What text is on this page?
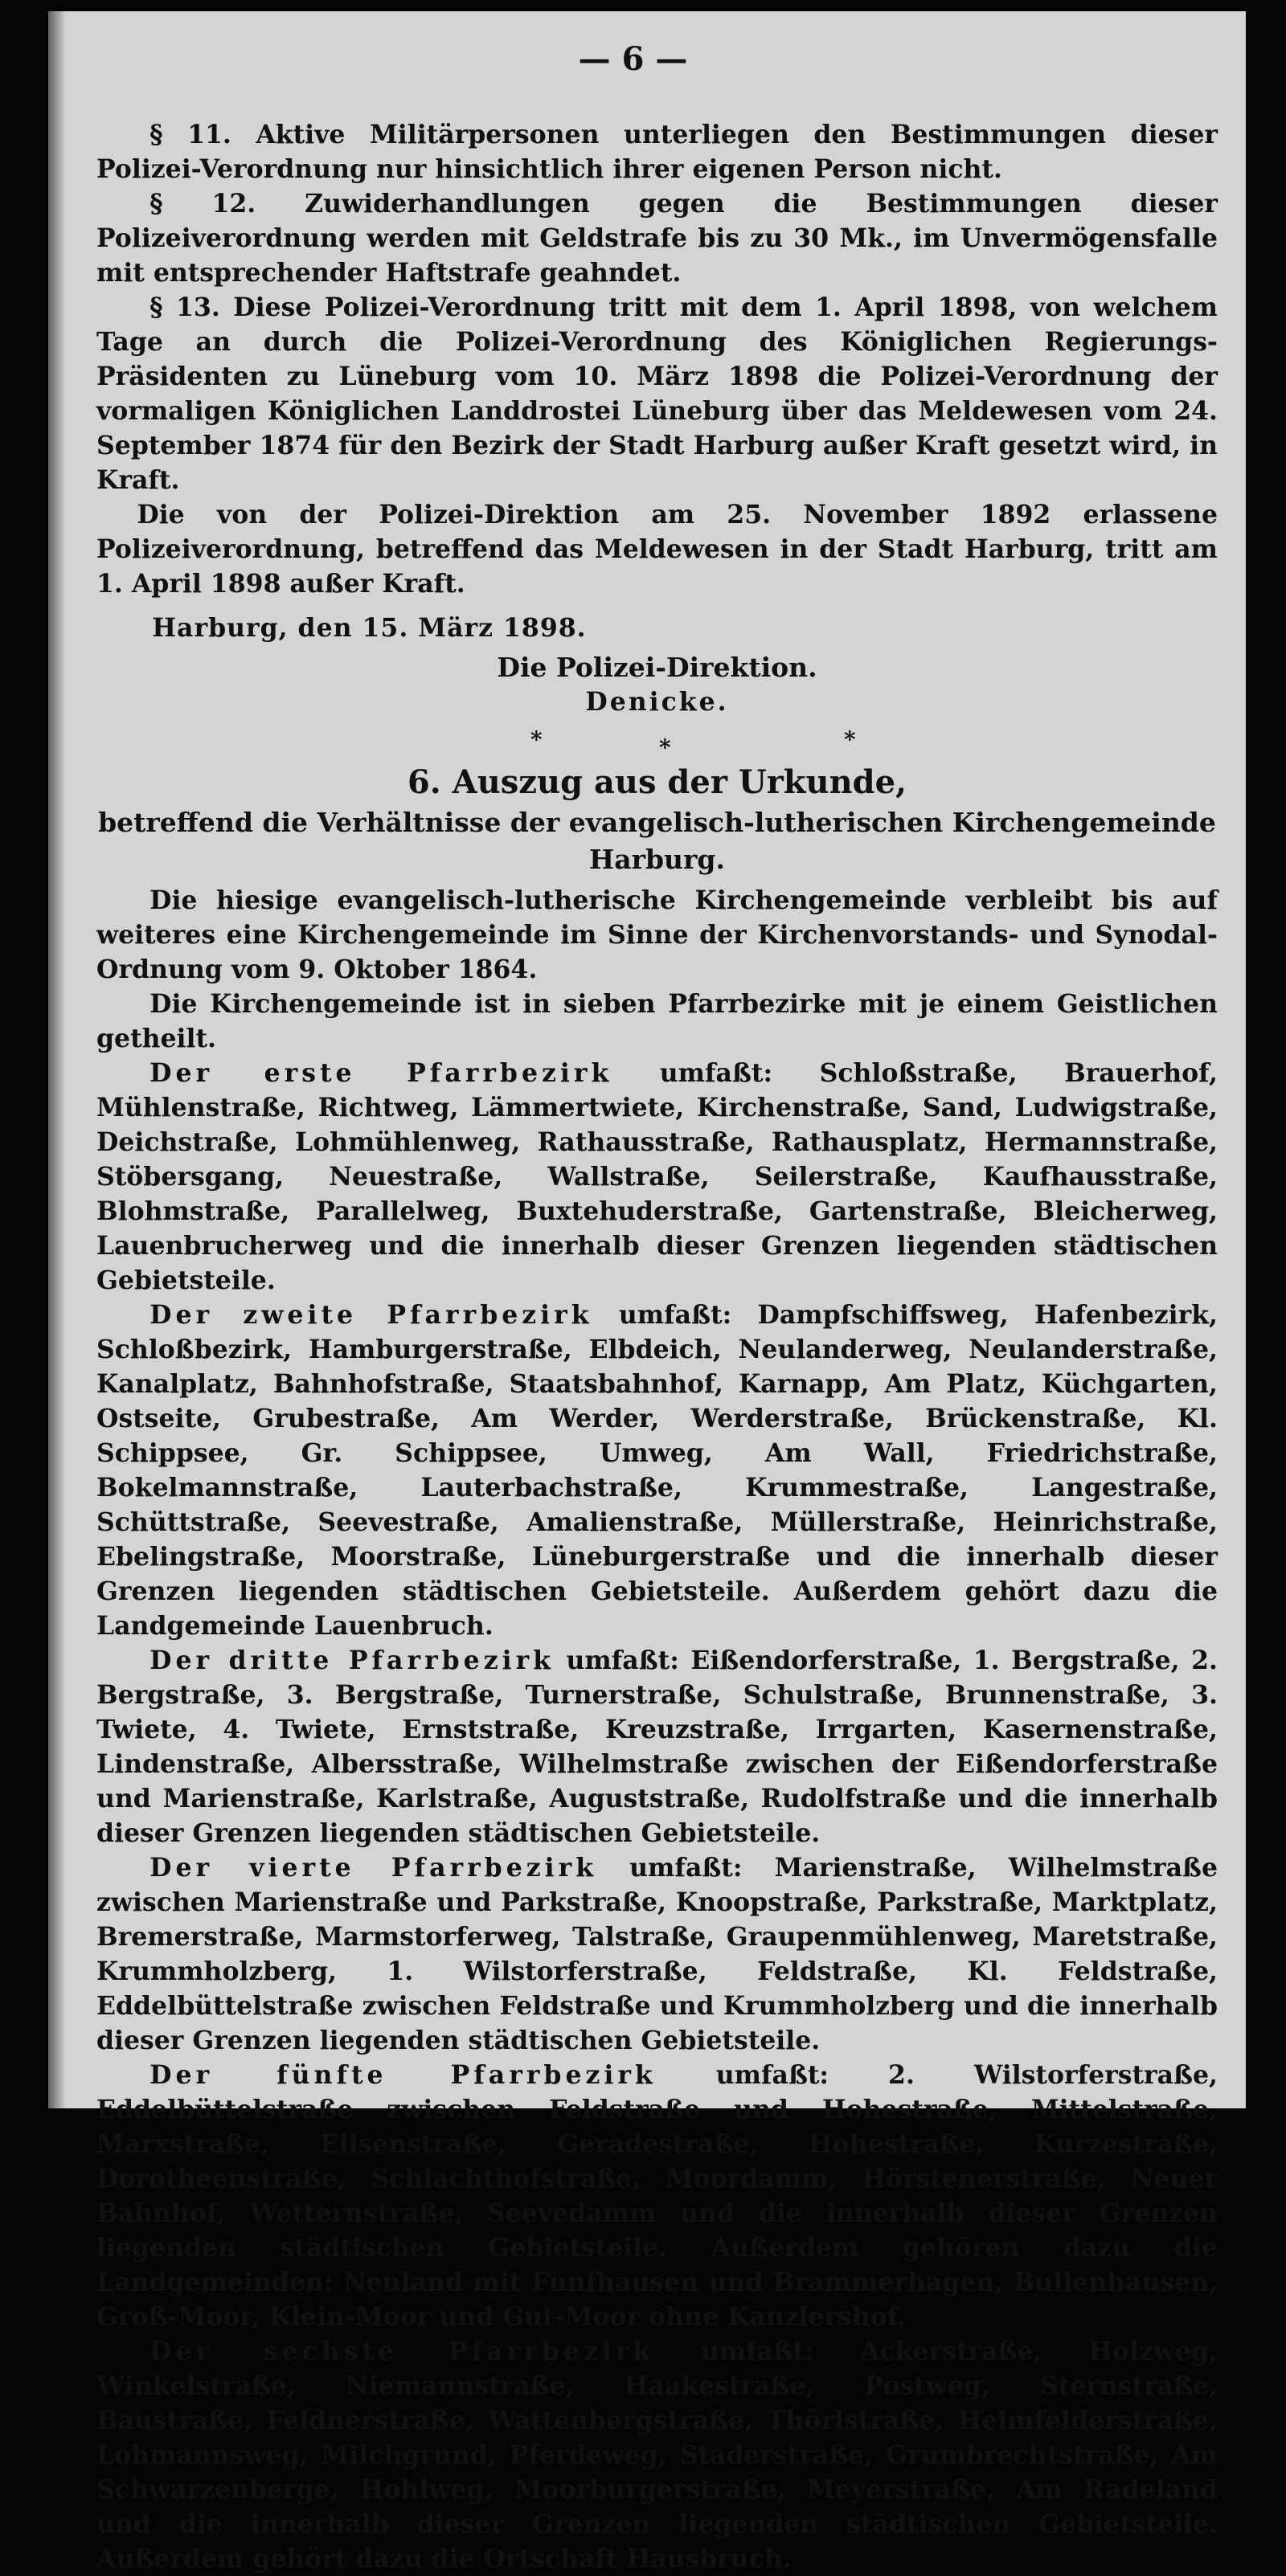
— 6 —

§ 11. Aktive Militärpersonen unterliegen den Bestimmungen dieser Polizei-Verordnung nur hinsichtlich ihrer eigenen Person nicht.

§ 12. Zuwiderhandlungen gegen die Bestimmungen dieser Polizeiverordnung werden mit Geldstrafe bis zu 30 Mk., im Unvermögensfalle mit entsprechender Haftstrafe geahndet.

§ 13. Diese Polizei-Verordnung tritt mit dem 1. April 1898, von welchem Tage an durch die Polizei-Verordnung des Königlichen Regierungs-Präsidenten zu Lüneburg vom 10. März 1898 die Polizei-Verordnung der vormaligen Königlichen Landdrostei Lüneburg über das Meldewesen vom 24. September 1874 für den Bezirk der Stadt Harburg außer Kraft gesetzt wird, in Kraft.

Die von der Polizei-Direktion am 25. November 1892 erlassene Polizeiverordnung, betreffend das Meldewesen in der Stadt Harburg, tritt am 1. April 1898 außer Kraft.

Harburg, den 15. März 1898.

Die Polizei-Direktion.

Denicke.

*	*	*
6. Auszug aus der Urkunde,
betreffend die Verhältnisse der evangelisch-lutherischen Kirchengemeinde Harburg.

Die hiesige evangelisch-lutherische Kirchengemeinde verbleibt bis auf weiteres eine Kirchengemeinde im Sinne der Kirchenvorstands- und Synodal-Ordnung vom 9. Oktober 1864.

Die Kirchengemeinde ist in sieben Pfarrbezirke mit je einem Geistlichen getheilt.

Der erste Pfarrbezirk umfaßt: Schloßstraße, Brauerhof, Mühlenstraße, Richtweg, Lämmertwiete, Kirchenstraße, Sand, Ludwigstraße, Deichstraße, Lohmühlenweg, Rathausstraße, Rathausplatz, Hermannstraße, Stöbersgang, Neuestraße, Wallstraße, Seilerstraße, Kaufhausstraße, Blohmstraße, Parallelweg, Buxtehuderstraße, Gartenstraße, Bleicherweg, Lauenbrucherweg und die innerhalb dieser Grenzen liegenden städtischen Gebietsteile.

Der zweite Pfarrbezirk umfaßt: Dampfschiffsweg, Hafenbezirk, Schloßbezirk, Hamburgerstraße, Elbdeich, Neulanderweg, Neulanderstraße, Kanalplatz, Bahnhofstraße, Staatsbahnhof, Karnapp, Am Platz, Küchgarten, Ostseite, Grubestraße, Am Werder, Werderstraße, Brückenstraße, Kl. Schippsee, Gr. Schippsee, Umweg, Am Wall, Friedrichstraße, Bokelmannstraße, Lauterbachstraße, Krummestraße, Langestraße, Schüttstraße, Seevestraße, Amalienstraße, Müllerstraße, Heinrichstraße, Ebelingstraße, Moorstraße, Lüneburgerstraße und die innerhalb dieser Grenzen liegenden städtischen Gebietsteile. Außerdem gehört dazu die Landgemeinde Lauenbruch.

Der dritte Pfarrbezirk umfaßt: Eißendorferstraße, 1. Bergstraße, 2. Bergstraße, 3. Bergstraße, Turnerstraße, Schulstraße, Brunnenstraße, 3. Twiete, 4. Twiete, Ernststraße, Kreuzstraße, Irrgarten, Kasernenstraße, Lindenstraße, Albersstraße, Wilhelmstraße zwischen der Eißendorferstraße und Marienstraße, Karlstraße, Auguststraße, Rudolfstraße und die innerhalb dieser Grenzen liegenden städtischen Gebietsteile.

Der vierte Pfarrbezirk umfaßt: Marienstraße, Wilhelmstraße zwischen Marienstraße und Parkstraße, Knoopstraße, Parkstraße, Marktplatz, Bremerstraße, Marmstorferweg, Talstraße, Graupenmühlenweg, Maretstraße, Krummholzberg, 1. Wilstorferstraße, Feldstraße, Kl. Feldstraße, Eddelbüttelstraße zwischen Feldstraße und Krummholzberg und die innerhalb dieser Grenzen liegenden städtischen Gebietsteile.

Der fünfte Pfarrbezirk umfaßt: 2. Wilstorferstraße, Eddelbüttelstraße zwischen Feldstraße und Hohestraße, Mittelstraße, Marxstraße, Elisenstraße, Geradestraße, Hohestraße, Kurzestraße, Dorotheenstraße, Schlachthofstraße, Moordamm, Hörstenerstraße, Neuer Bahnhof, Wetternstraße, Seevedamm und die innerhalb dieser Grenzen liegenden städtischen Gebietsteile. Außerdem gehören dazu die Landgemeinden: Neuland mit Fünfhausen und Brammerhagen, Bullenhausen, Groß-Moor, Klein-Moor und Gut-Moor ohne Kanzlershof.

Der sechste Pfarrbezirk umfaßt: Ackerstraße, Holzweg, Winkelstraße, Niemannstraße, Haakestraße, Postweg, Sternstraße, Baustraße, Feldnerstraße, Wattenbergstraße, Thörlstraße, Heimfelderstraße, Lohmannsweg, Milchgrund, Pferdeweg, Staderstraße, Grumbrechtstraße, Am Schwarzenberge, Hohlweg, Moorburgerstraße, Meyerstraße, Am Radeland und die innerhalb dieser Grenzen liegenden städtischen Gebietsteile. Außerdem gehört dazu die Ortschaft Hausbruch.
